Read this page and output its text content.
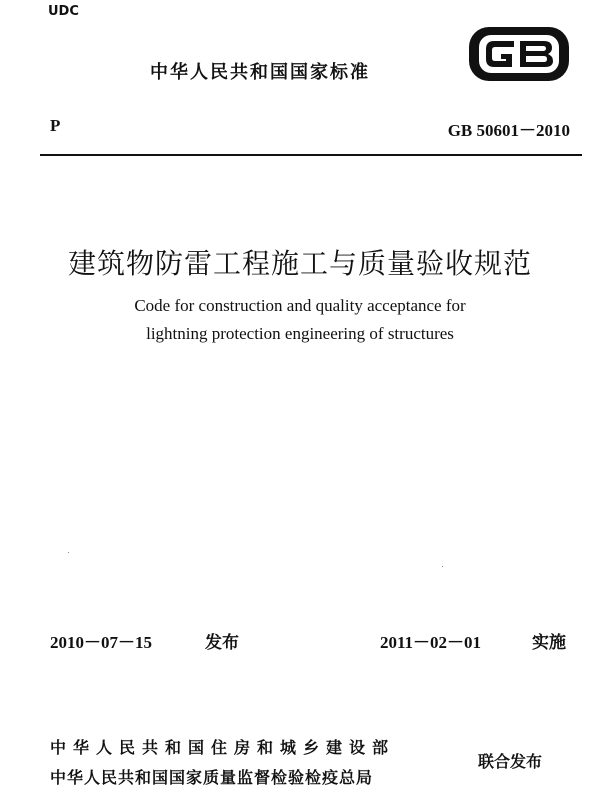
UDC
中华人民共和国国家标准
GB
P	GB 50601－2010
建筑物防雷工程施工与质量验收规范
Code for construction and quality acceptance for
lightning protection engineering of structures
2010－07－15	发布	2011－02－01	实施
中华人民共和国住房和城乡建设部
中华人民共和国国家质量监督检验检疫总局
联合发布
